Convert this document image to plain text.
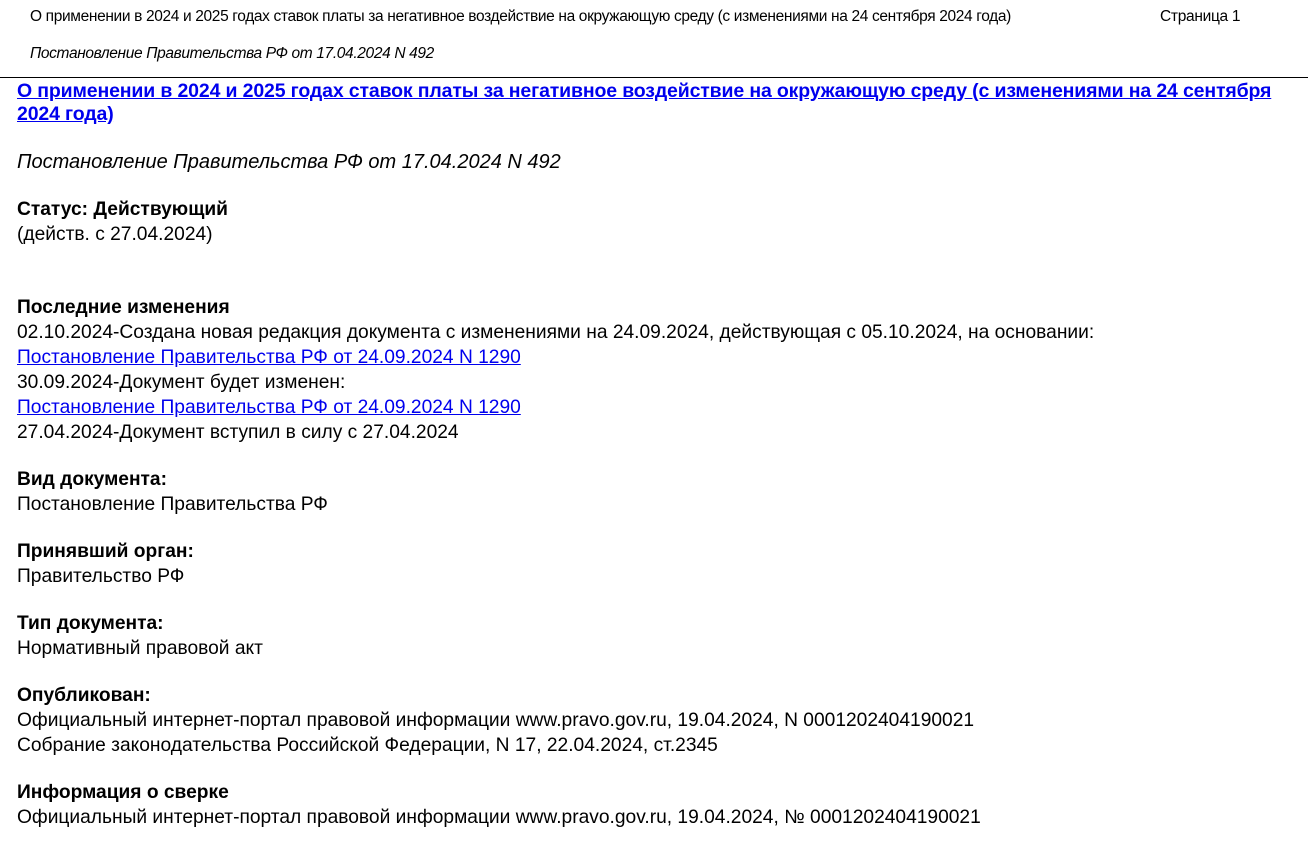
О применении в 2024 и 2025 годах ставок платы за негативное воздействие на окружающую среду (с изменениями на 24 сентября 2024 года)
Постановление Правительства РФ от 17.04.2024 N 492
Страница 1
О применении в 2024 и 2025 годах ставок платы за негативное воздействие на окружающую среду (с изменениями на 24 сентября 2024 года)
Постановление Правительства РФ от 17.04.2024 N 492
Статус: Действующий
(действ. с 27.04.2024)
Последние изменения
02.10.2024-Создана новая редакция документа с изменениями на 24.09.2024, действующая с 05.10.2024, на основании:
Постановление Правительства РФ от 24.09.2024 N 1290
30.09.2024-Документ будет изменен:
Постановление Правительства РФ от 24.09.2024 N 1290
27.04.2024-Документ вступил в силу с 27.04.2024
Вид документа:
Постановление Правительства РФ
Принявший орган:
Правительство РФ
Тип документа:
Нормативный правовой акт
Опубликован:
Официальный интернет-портал правовой информации www.pravo.gov.ru, 19.04.2024, N 0001202404190021
Собрание законодательства Российской Федерации, N 17, 22.04.2024, ст.2345
Информация о сверке
Официальный интернет-портал правовой информации www.pravo.gov.ru, 19.04.2024, № 0001202404190021
